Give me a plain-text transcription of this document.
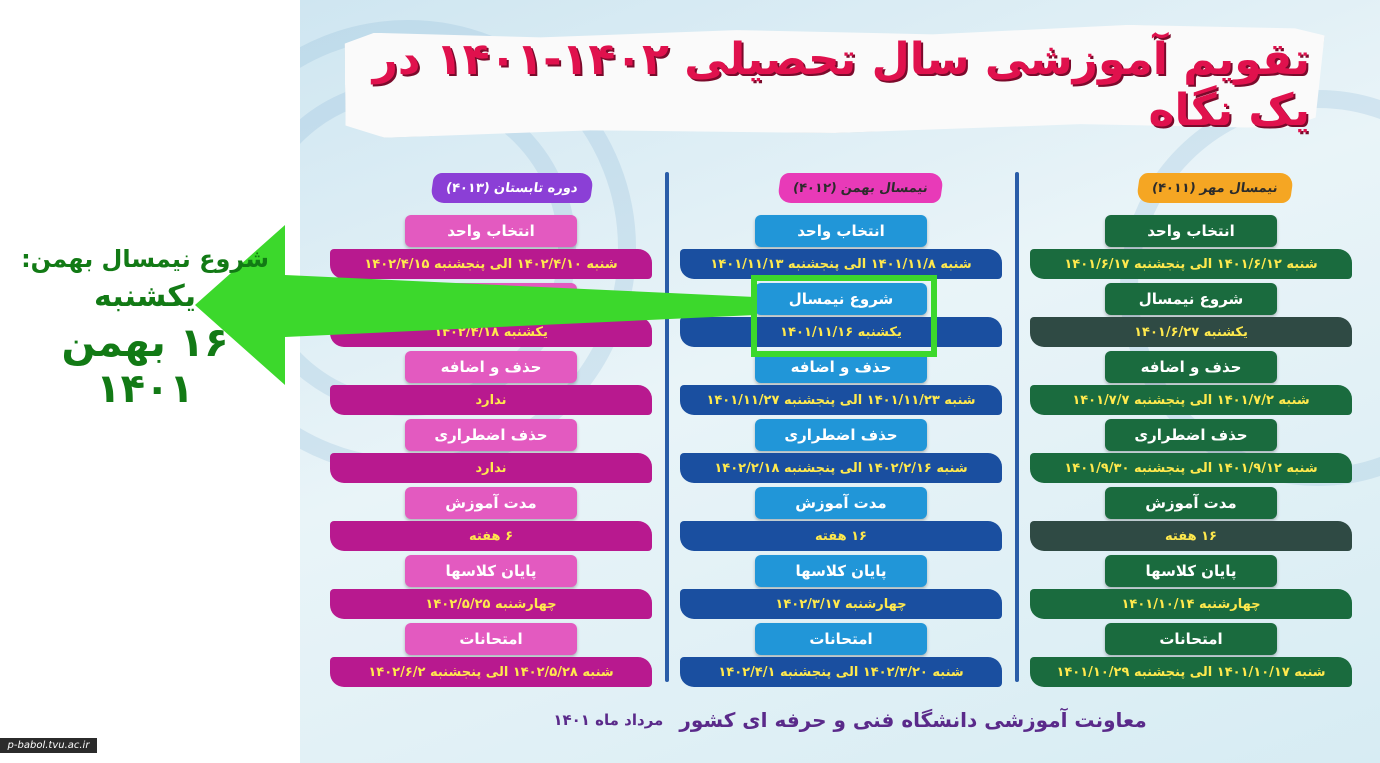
تقویم آموزشی سال تحصیلی ۱۴۰۲-۱۴۰۱ در یک نگاه
نیمسال مهر (۴۰۱۱)
انتخاب واحد
شنبه ۱۴۰۱/۶/۱۲ الی پنجشنبه ۱۴۰۱/۶/۱۷
شروع نیمسال
یکشنبه ۱۴۰۱/۶/۲۷
حذف و اضافه
شنبه ۱۴۰۱/۷/۲ الی پنجشنبه ۱۴۰۱/۷/۷
حذف اضطراری
شنبه ۱۴۰۱/۹/۱۲ الی پنجشنبه ۱۴۰۱/۹/۳۰
مدت آموزش
۱۶ هفته
پایان کلاسها
چهارشنبه ۱۴۰۱/۱۰/۱۴
امتحانات
شنبه ۱۴۰۱/۱۰/۱۷ الی پنجشنبه ۱۴۰۱/۱۰/۲۹
نیمسال بهمن (۴۰۱۲)
انتخاب واحد
شنبه ۱۴۰۱/۱۱/۸ الی پنجشنبه ۱۴۰۱/۱۱/۱۳
شروع نیمسال
یکشنبه ۱۴۰۱/۱۱/۱۶
حذف و اضافه
شنبه ۱۴۰۱/۱۱/۲۳ الی پنجشنبه ۱۴۰۱/۱۱/۲۷
حذف اضطراری
شنبه ۱۴۰۲/۲/۱۶ الی پنجشنبه ۱۴۰۲/۲/۱۸
مدت آموزش
۱۶ هفته
پایان کلاسها
چهارشنبه ۱۴۰۲/۳/۱۷
امتحانات
شنبه ۱۴۰۲/۳/۲۰ الی پنجشنبه ۱۴۰۲/۴/۱
دوره تابستان (۴۰۱۳)
انتخاب واحد
شنبه ۱۴۰۲/۴/۱۰ الی پنجشنبه ۱۴۰۲/۴/۱۵
یکشنبه ۱۴۰۲/۴/۱۸
حذف و اضافه
ندارد
حذف اضطراری
ندارد
مدت آموزش
۶ هفته
پایان کلاسها
چهارشنبه ۱۴۰۲/۵/۲۵
امتحانات
شنبه ۱۴۰۲/۵/۲۸ الی پنجشنبه ۱۴۰۲/۶/۲
معاونت آموزشی دانشگاه فنی و حرفه ای کشور
مرداد ماه ۱۴۰۱
شروع نیمسال بهمن:
یکشنبه
۱۶ بهمن ۱۴۰۱
p-babol.tvu.ac.ir
